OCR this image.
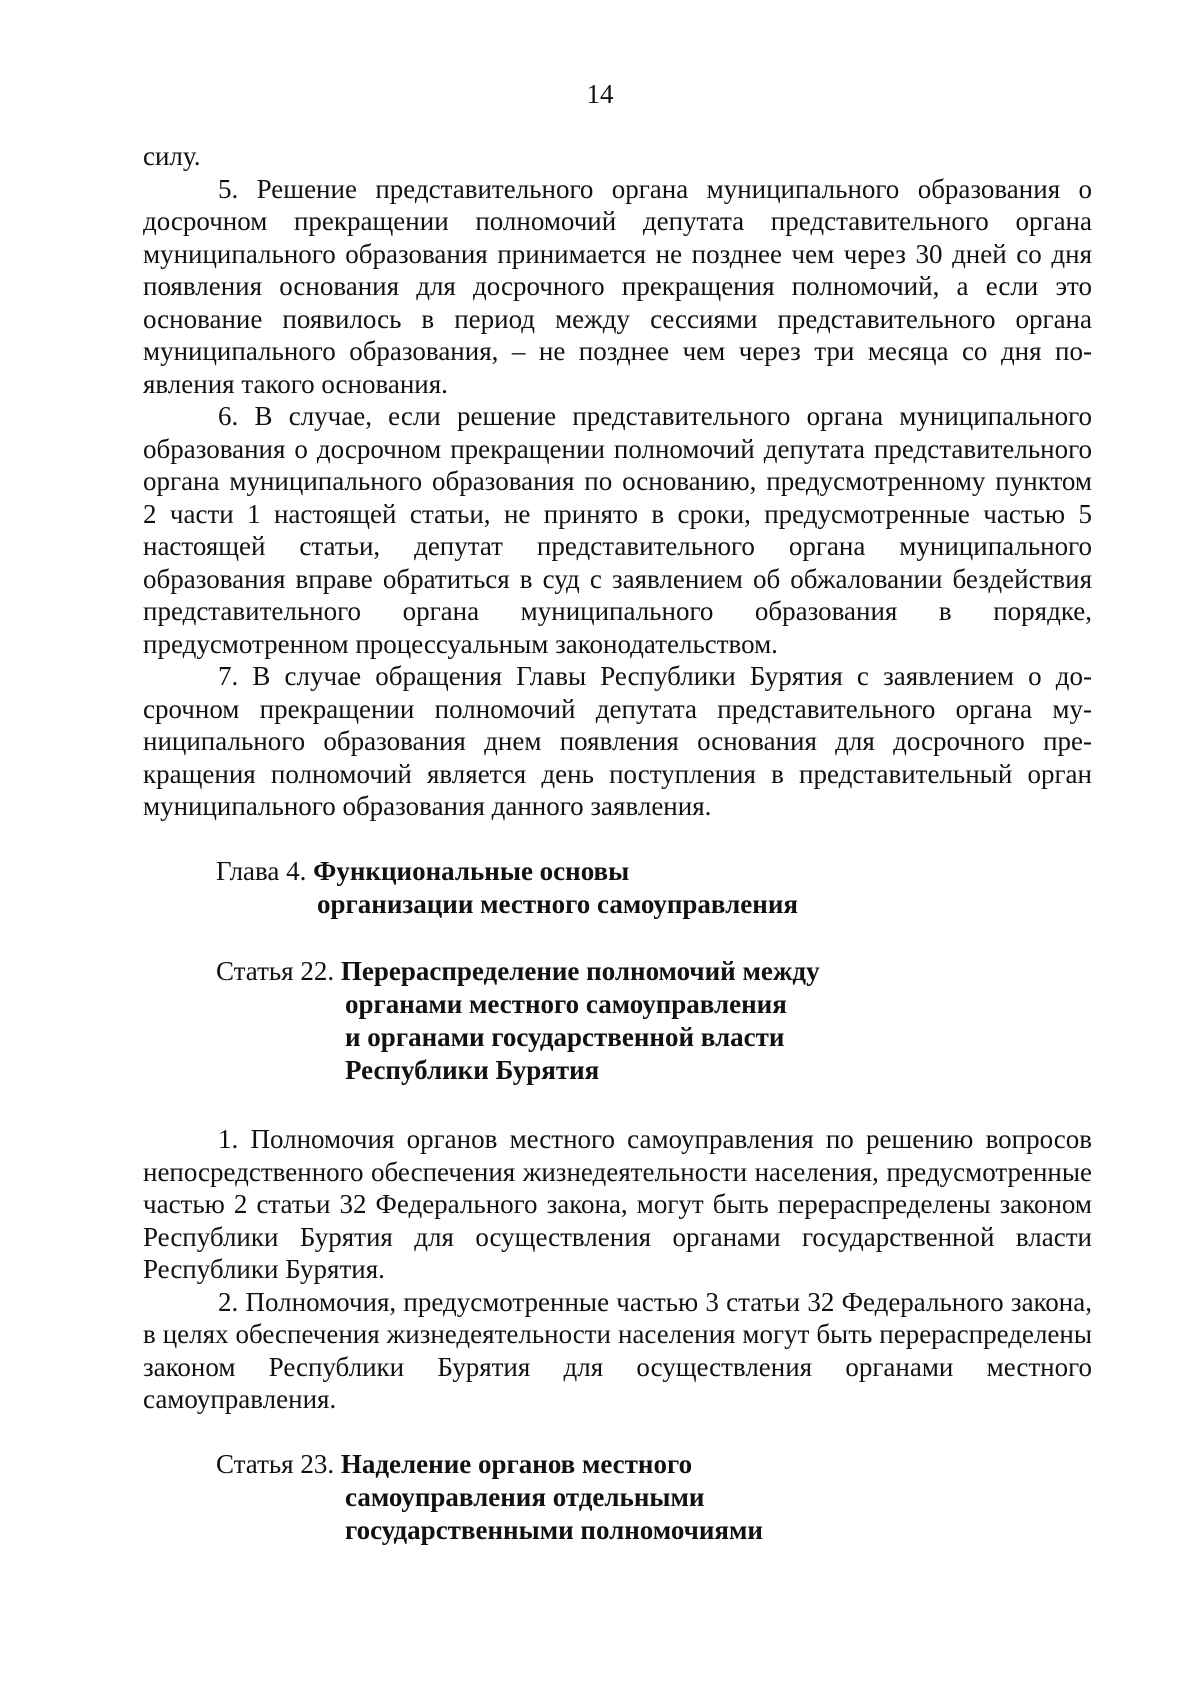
14

силу.

5. Решение представительного органа муниципального образования о досрочном прекращении полномочий депутата представительного органа муниципального образования принимается не позднее чем через 30 дней со дня появления основания для досрочного прекращения полномочий, а если это основание появилось в период между сессиями представительного органа муниципального образования, – не позднее чем через три месяца со дня появления такого основания.

6. В случае, если решение представительного органа муниципального образования о досрочном прекращении полномочий депутата представительного органа муниципального образования по основанию, предусмотренному пунктом 2 части 1 настоящей статьи, не принято в сроки, предусмотренные частью 5 настоящей статьи, депутат представительного органа муниципального образования вправе обратиться в суд с заявлением об обжаловании бездействия представительного органа муниципального образования в порядке, предусмотренном процессуальным законодательством.

7. В случае обращения Главы Республики Бурятия с заявлением о досрочном прекращении полномочий депутата представительного органа муниципального образования днем появления основания для досрочного прекращения полномочий является день поступления в представительный орган муниципального образования данного заявления.

Глава 4. Функциональные основы
организации местного самоуправления
Статья 22. Перераспределение полномочий между
органами местного самоуправления
и органами государственной власти
Республики Бурятия

1. Полномочия органов местного самоуправления по решению вопросов непосредственного обеспечения жизнедеятельности населения, предусмотренные частью 2 статьи 32 Федерального закона, могут быть перераспределены законом Республики Бурятия для осуществления органами государственной власти Республики Бурятия.

2. Полномочия, предусмотренные частью 3 статьи 32 Федерального закона, в целях обеспечения жизнедеятельности населения могут быть перераспределены законом Республики Бурятия для осуществления органами местного самоуправления.

Статья 23. Наделение органов местного
самоуправления отдельными
государственными полномочиями
